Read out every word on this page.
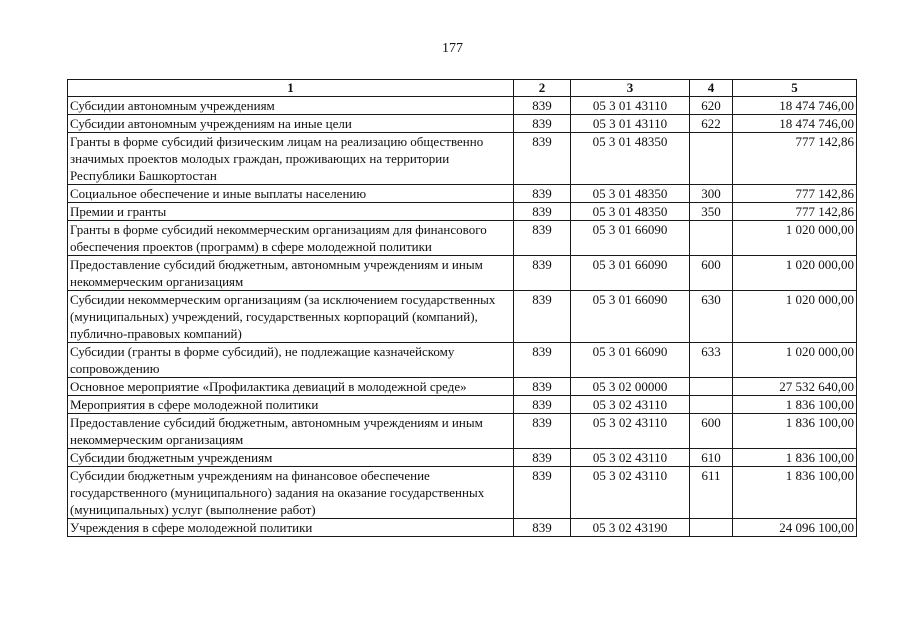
177
1	2	3	4	5
Субсидии автономным учреждениям	839	05 3 01 43110	620	18 474 746,00
Субсидии автономным учреждениям на иные цели	839	05 3 01 43110	622	18 474 746,00
Гранты в форме субсидий физическим лицам на реализацию общественно значимых проектов молодых граждан, проживающих на территории Республики Башкортостан	839	05 3 01 48350		777 142,86
Социальное обеспечение и иные выплаты населению	839	05 3 01 48350	300	777 142,86
Премии и гранты	839	05 3 01 48350	350	777 142,86
Гранты в форме субсидий некоммерческим организациям для финансового обеспечения проектов (программ) в сфере молодежной политики	839	05 3 01 66090		1 020 000,00
Предоставление субсидий бюджетным, автономным учреждениям и иным некоммерческим организациям	839	05 3 01 66090	600	1 020 000,00
Субсидии некоммерческим организациям (за исключением государственных (муниципальных) учреждений, государственных корпораций (компаний), публично-правовых компаний)	839	05 3 01 66090	630	1 020 000,00
Субсидии (гранты в форме субсидий), не подлежащие казначейскому сопровождению	839	05 3 01 66090	633	1 020 000,00
Основное мероприятие «Профилактика девиаций в молодежной среде»	839	05 3 02 00000		27 532 640,00
Мероприятия в сфере молодежной политики	839	05 3 02 43110		1 836 100,00
Предоставление субсидий бюджетным, автономным учреждениям и иным некоммерческим организациям	839	05 3 02 43110	600	1 836 100,00
Субсидии бюджетным учреждениям	839	05 3 02 43110	610	1 836 100,00
Субсидии бюджетным учреждениям на финансовое обеспечение государственного (муниципального) задания на оказание государственных (муниципальных) услуг (выполнение работ)	839	05 3 02 43110	611	1 836 100,00
Учреждения в сфере молодежной политики	839	05 3 02 43190		24 096 100,00
